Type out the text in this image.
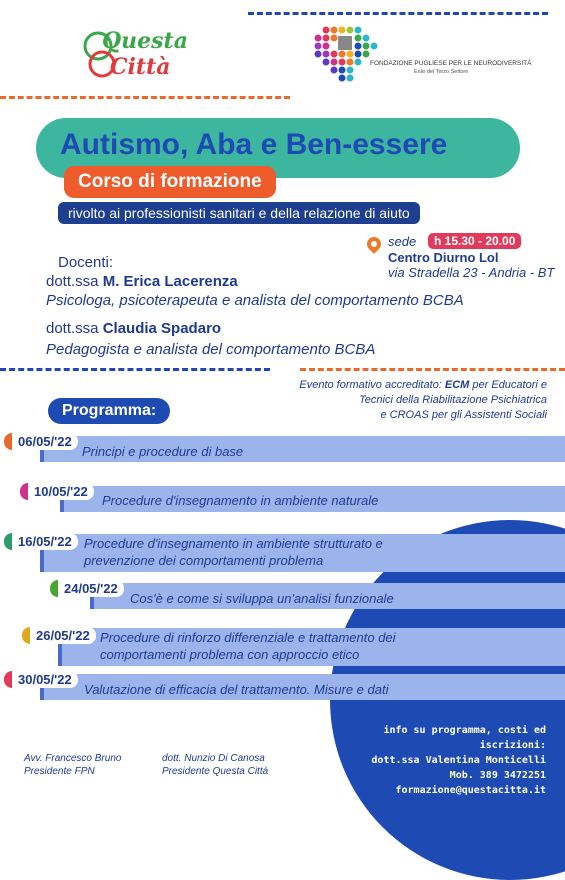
Questa
Città	FONDAZIONE PUGLIESE PER LE NEURODIVERSITÀ
Ente del Terzo Settore
Autismo, Aba e Ben-essere
Corso di formazione
rivolto ai professionisti sanitari e della relazione di aiuto
sede	h 15.30 - 20.00
Centro Diurno Lol
via Stradella 23 - Andria - BT
Docenti:
dott.ssa M. Erica Lacerenza
Psicologa, psicoterapeuta e analista del comportamento BCBA
dott.ssa Claudia Spadaro
Pedagogista e analista del comportamento BCBA
Evento formativo accreditato: ECM per Educatori e
Tecnici della Riabilitazione Psichiatrica
e CROAS per gli Assistenti Sociali
Programma:
06/05/'22
Principi e procedure di base
10/05/'22
Procedure d'insegnamento in ambiente naturale
16/05/'22 Procedure d'insegnamento in ambiente strutturato e prevenzione dei comportamenti problema
24/05/'22
Cos'è e come si sviluppa un'analisi funzionale
26/05/'22 Procedure di rinforzo differenziale e trattamento dei comportamenti problema con approccio etico
30/05/'22
Valutazione di efficacia del trattamento. Misure e dati
info su programma, costi ed iscrizioni:
dott.ssa Valentina Monticelli
Mob. 389 3472251
formazione@questacitta.it
Avv. Francesco Bruno
Presidente FPN
dott. Nunzio Di Canosa
Presidente Questa Città
